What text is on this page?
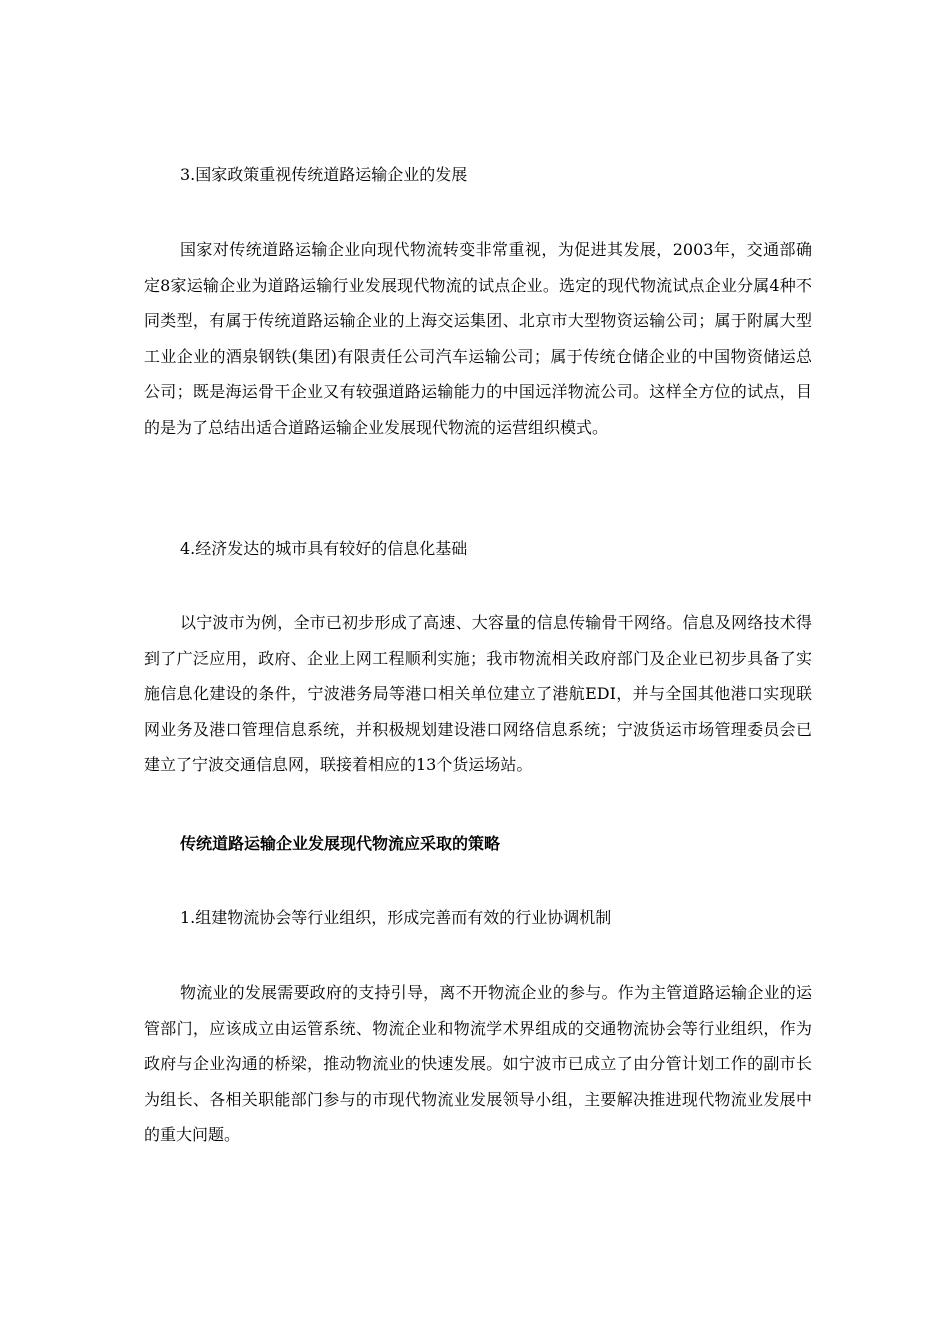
3.国家政策重视传统道路运输企业的发展

国家对传统道路运输企业向现代物流转变非常重视，为促进其发展，2003年，交通部确定8家运输企业为道路运输行业发展现代物流的试点企业。选定的现代物流试点企业分属4种不同类型，有属于传统道路运输企业的上海交运集团、北京市大型物资运输公司；属于附属大型工业企业的酒泉钢铁(集团)有限责任公司汽车运输公司；属于传统仓储企业的中国物资储运总公司；既是海运骨干企业又有较强道路运输能力的中国远洋物流公司。这样全方位的试点，目的是为了总结出适合道路运输企业发展现代物流的运营组织模式。

4.经济发达的城市具有较好的信息化基础

以宁波市为例，全市已初步形成了高速、大容量的信息传输骨干网络。信息及网络技术得到了广泛应用，政府、企业上网工程顺利实施；我市物流相关政府部门及企业已初步具备了实施信息化建设的条件，宁波港务局等港口相关单位建立了港航EDI，并与全国其他港口实现联网业务及港口管理信息系统，并积极规划建设港口网络信息系统；宁波货运市场管理委员会已建立了宁波交通信息网，联接着相应的13个货运场站。

传统道路运输企业发展现代物流应采取的策略
1.组建物流协会等行业组织，形成完善而有效的行业协调机制

物流业的发展需要政府的支持引导，离不开物流企业的参与。作为主管道路运输企业的运管部门，应该成立由运管系统、物流企业和物流学术界组成的交通物流协会等行业组织，作为政府与企业沟通的桥梁，推动物流业的快速发展。如宁波市已成立了由分管计划工作的副市长为组长、各相关职能部门参与的市现代物流业发展领导小组，主要解决推进现代物流业发展中的重大问题。
